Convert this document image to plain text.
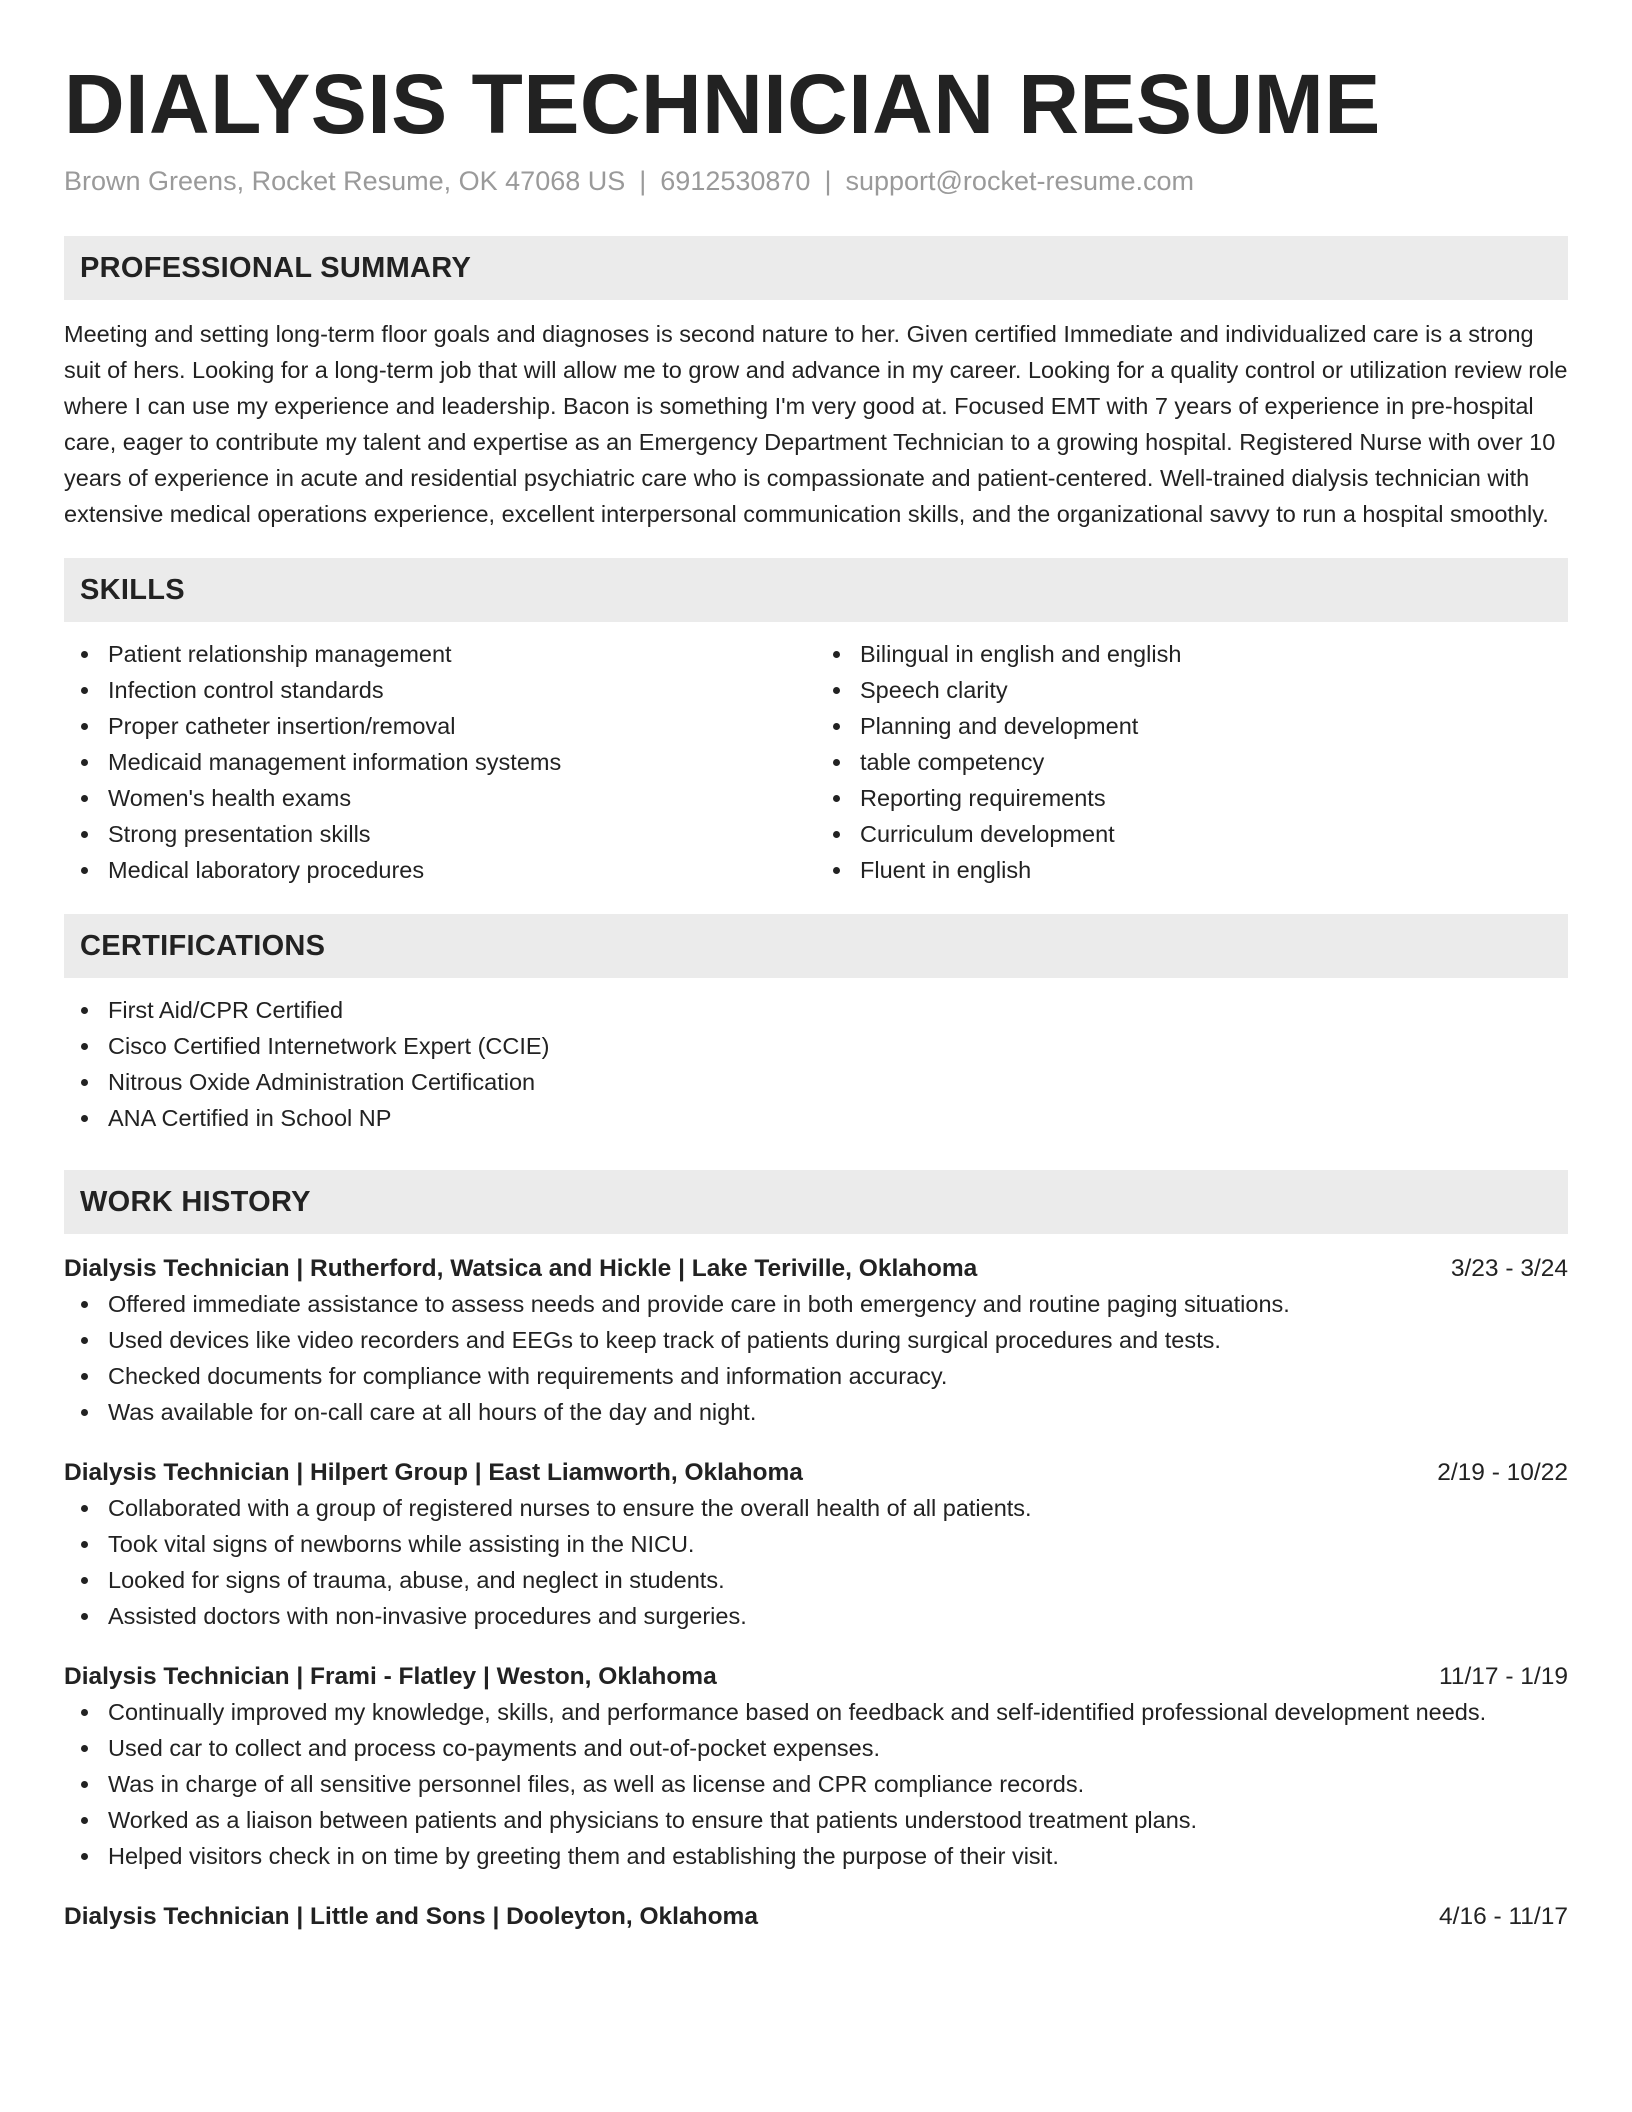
DIALYSIS TECHNICIAN RESUME
Brown Greens, Rocket Resume, OK 47068 US | 6912530870 | support@rocket-resume.com
PROFESSIONAL SUMMARY

Meeting and setting long-term floor goals and diagnoses is second nature to her. Given certified Immediate and individualized care is a strong suit of hers. Looking for a long-term job that will allow me to grow and advance in my career. Looking for a quality control or utilization review role where I can use my experience and leadership. Bacon is something I'm very good at. Focused EMT with 7 years of experience in pre-hospital care, eager to contribute my talent and expertise as an Emergency Department Technician to a growing hospital. Registered Nurse with over 10 years of experience in acute and residential psychiatric care who is compassionate and patient-centered. Well-trained dialysis technician with extensive medical operations experience, excellent interpersonal communication skills, and the organizational savvy to run a hospital smoothly.

SKILLS
Patient relationship management
Infection control standards
Proper catheter insertion/removal
Medicaid management information systems
Women's health exams
Strong presentation skills
Medical laboratory procedures
Bilingual in english and english
Speech clarity
Planning and development
table competency
Reporting requirements
Curriculum development
Fluent in english
CERTIFICATIONS
First Aid/CPR Certified
Cisco Certified Internetwork Expert (CCIE)
Nitrous Oxide Administration Certification
ANA Certified in School NP
WORK HISTORY
Dialysis Technician | Rutherford, Watsica and Hickle | Lake Teriville, Oklahoma	3/23 - 3/24
Offered immediate assistance to assess needs and provide care in both emergency and routine paging situations.
Used devices like video recorders and EEGs to keep track of patients during surgical procedures and tests.
Checked documents for compliance with requirements and information accuracy.
Was available for on-call care at all hours of the day and night.
Dialysis Technician | Hilpert Group | East Liamworth, Oklahoma	2/19 - 10/22
Collaborated with a group of registered nurses to ensure the overall health of all patients.
Took vital signs of newborns while assisting in the NICU.
Looked for signs of trauma, abuse, and neglect in students.
Assisted doctors with non-invasive procedures and surgeries.
Dialysis Technician | Frami - Flatley | Weston, Oklahoma	11/17 - 1/19
Continually improved my knowledge, skills, and performance based on feedback and self-identified professional development needs.
Used car to collect and process co-payments and out-of-pocket expenses.
Was in charge of all sensitive personnel files, as well as license and CPR compliance records.
Worked as a liaison between patients and physicians to ensure that patients understood treatment plans.
Helped visitors check in on time by greeting them and establishing the purpose of their visit.
Dialysis Technician | Little and Sons | Dooleyton, Oklahoma	4/16 - 11/17
